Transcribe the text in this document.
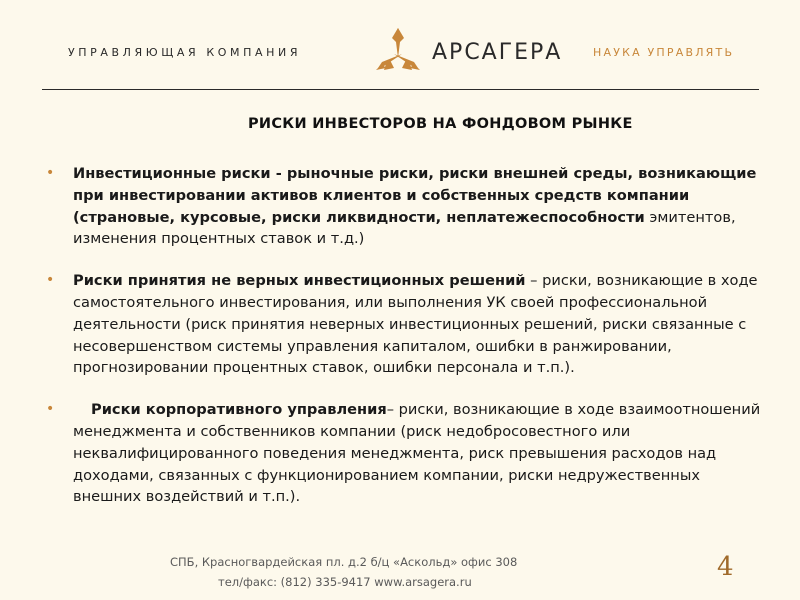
УПРАВЛЯЮЩАЯ КОМПАНИЯ	АРСАГЕРА	НАУКА УПРАВЛЯТЬ
РИСКИ ИНВЕСТОРОВ НА ФОНДОВОМ РЫНКЕ
• Инвестиционные риски - рыночные риски, риски внешней среды, возникающие при инвестировании активов клиентов и собственных средств компании (страновые, курсовые, риски ликвидности, неплатежеспособности эмитентов, изменения процентных ставок и т.д.)
• Риски принятия не верных инвестиционных решений – риски, возникающие в ходе самостоятельного инвестирования, или выполнения УК своей профессиональной деятельности (риск принятия неверных инвестиционных решений, риски связанные с несовершенством системы управления капиталом, ошибки в ранжировании, прогнозировании процентных ставок, ошибки персонала и т.п.).
•	Риски корпоративного управления– риски, возникающие в ходе взаимоотношений менеджмента и собственников компании (риск недобросовестного или неквалифицированного поведения менеджмента, риск превышения расходов над доходами, связанных с функционированием компании, риски недружественных внешних воздействий и т.п.).
СПБ, Красногвардейская пл. д.2 б/ц «Аскольд» офис 308
тел/факс: (812) 335-9417 www.arsagera.ru	4
